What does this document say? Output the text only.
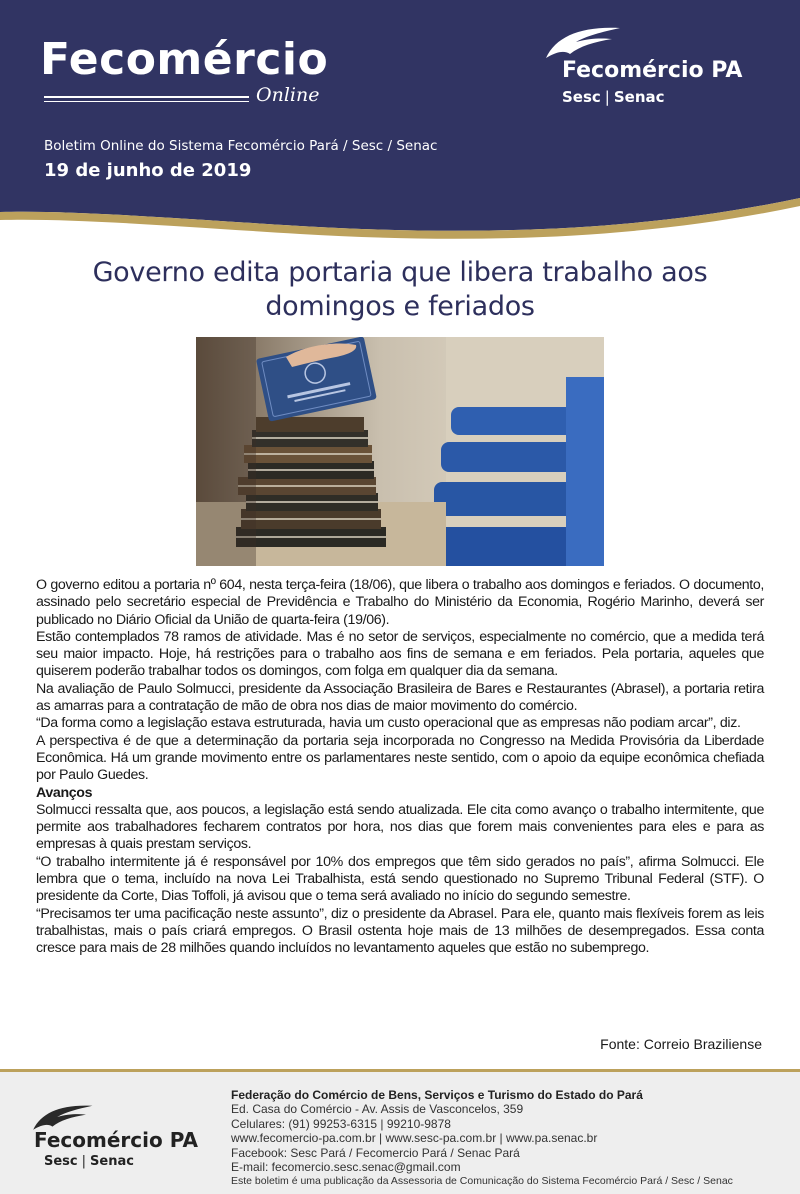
Fecomércio
Online
Boletim Online do Sistema Fecomércio Pará / Sesc / Senac
19 de junho de 2019
Fecomércio PA
Sesc | Senac
Governo edita portaria que libera trabalho aos domingos e feriados

O governo editou a portaria nº 604, nesta terça-feira (18/06), que libera o trabalho aos domingos e feriados. O documento, assinado pelo secretário especial de Previdência e Trabalho do Ministério da Economia, Rogério Marinho, deverá ser publicado no Diário Oficial da União de quarta-feira (19/06).

Estão contemplados 78 ramos de atividade. Mas é no setor de serviços, especialmente no comércio, que a medida terá seu maior impacto. Hoje, há restrições para o trabalho aos fins de semana e em feriados. Pela portaria, aqueles que quiserem poderão trabalhar todos os domingos, com folga em qualquer dia da semana.

Na avaliação de Paulo Solmucci, presidente da Associação Brasileira de Bares e Restaurantes (Abrasel), a portaria retira as amarras para a contratação de mão de obra nos dias de maior movimento do comércio.

“Da forma como a legislação estava estruturada, havia um custo operacional que as empresas não podiam arcar”, diz.

A perspectiva é de que a determinação da portaria seja incorporada no Congresso na Medida Provisória da Liberdade Econômica. Há um grande movimento entre os parlamentares neste sentido, com o apoio da equipe econômica chefiada por Paulo Guedes.

Avanços

Solmucci ressalta que, aos poucos, a legislação está sendo atualizada. Ele cita como avanço o trabalho intermitente, que permite aos trabalhadores fecharem contratos por hora, nos dias que forem mais convenientes para eles e para as empresas à quais prestam serviços.

“O trabalho intermitente já é responsável por 10% dos empregos que têm sido gerados no país”, afirma Solmucci. Ele lembra que o tema, incluído na nova Lei Trabalhista, está sendo questionado no Supremo Tribunal Federal (STF). O presidente da Corte, Dias Toffoli, já avisou que o tema será avaliado no início do segundo semestre.

“Precisamos ter uma pacificação neste assunto”, diz o presidente da Abrasel. Para ele, quanto mais flexíveis forem as leis trabalhistas, mais o país criará empregos. O Brasil ostenta hoje mais de 13 milhões de desempregados. Essa conta cresce para mais de 28 milhões quando incluídos no levantamento aqueles que estão no subemprego.

Fonte: Correio Braziliense
Fecomércio PA
Sesc | Senac
Federação do Comércio de Bens, Serviços e Turismo do Estado do Pará
Ed. Casa do Comércio - Av. Assis de Vasconcelos, 359
Celulares: (91) 99253-6315 | 99210-9878
www.fecomercio-pa.com.br | www.sesc-pa.com.br | www.pa.senac.br
Facebook: Sesc Pará / Fecomercio Pará / Senac Pará
E-mail: fecomercio.sesc.senac@gmail.com
Este boletim é uma publicação da Assessoria de Comunicação do Sistema Fecomércio Pará / Sesc / Senac
